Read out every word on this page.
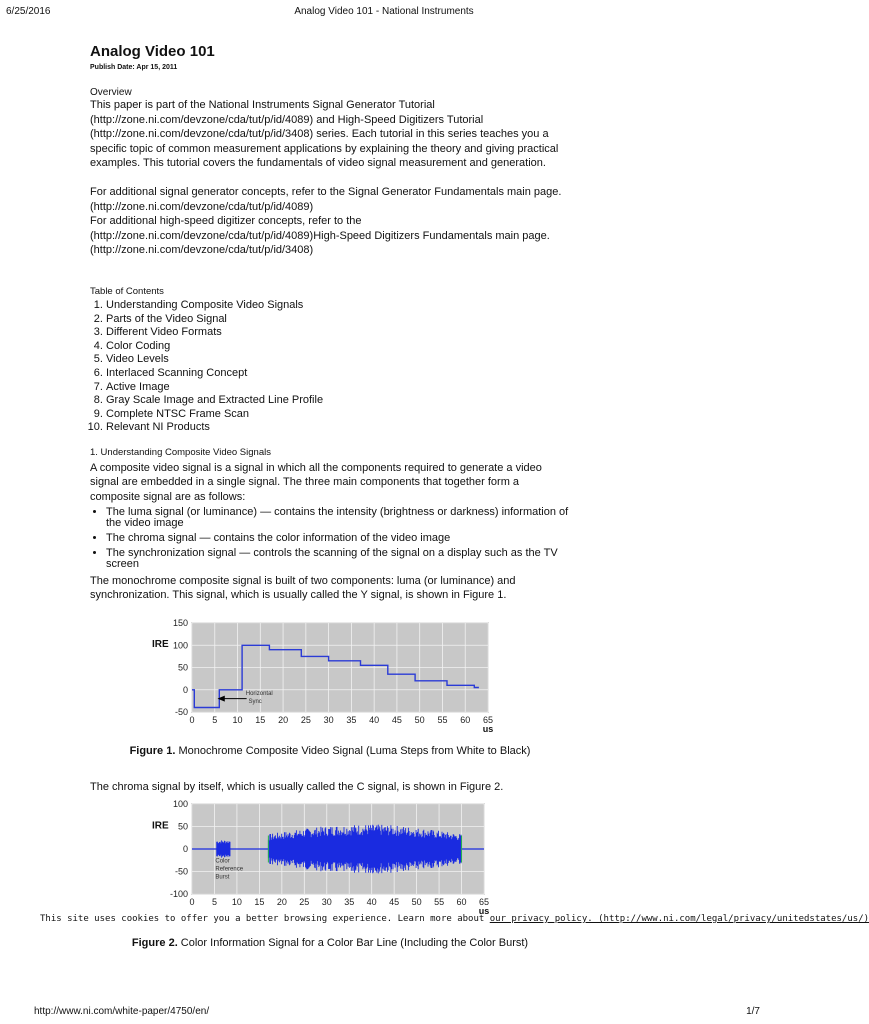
6/25/2016	Analog Video 101 - National Instruments
Analog Video 101
Publish Date: Apr 15, 2011
Overview

This paper is part of the National Instruments Signal Generator Tutorial (http://zone.ni.com/devzone/cda/tut/p/id/4089) and High-Speed Digitizers Tutorial (http://zone.ni.com/devzone/cda/tut/p/id/3408) series. Each tutorial in this series teaches you a specific topic of common measurement applications by explaining the theory and giving practical examples. This tutorial covers the fundamentals of video signal measurement and generation.

For additional signal generator concepts, refer to the Signal Generator Fundamentals main page. (http://zone.ni.com/devzone/cda/tut/p/id/4089)

For additional high-speed digitizer concepts, refer to the (http://zone.ni.com/devzone/cda/tut/p/id/4089)High-Speed Digitizers Fundamentals main page. (http://zone.ni.com/devzone/cda/tut/p/id/3408)

Table of Contents
1. Understanding Composite Video Signals
2. Parts of the Video Signal
3. Different Video Formats
4. Color Coding
5. Video Levels
6. Interlaced Scanning Concept
7. Active Image
8. Gray Scale Image and Extracted Line Profile
9. Complete NTSC Frame Scan
10. Relevant NI Products
1. Understanding Composite Video Signals

A composite video signal is a signal in which all the components required to generate a video signal are embedded in a single signal. The three main components that together form a composite signal are as follows:

• The luma signal (or luminance) — contains the intensity (brightness or darkness) information of the video image
• The chroma signal — contains the color information of the video image
• The synchronization signal — controls the scanning of the signal on a display such as the TV screen

The monochrome composite signal is built of two components: luma (or luminance) and synchronization. This signal, which is usually called the Y signal, is shown in Figure 1.

0 5 10 15 20 25 30 35 40 45 50 55 60 65
150
100
50
0
-50
IRE
us
Horizontal Sync
Figure 1. Monochrome Composite Video Signal (Luma Steps from White to Black)

The chroma signal by itself, which is usually called the C signal, is shown in Figure 2.

0 5 10 15 20 25 30 35 40 45 50 55 60 65
100
50
0
-50
-100
IRE
us
Color Reference Burst
This site uses cookies to offer you a better browsing experience. Learn more about our privacy policy. (http://www.ni.com/legal/privacy/unitedstates/us/)
Figure 2. Color Information Signal for a Color Bar Line (Including the Color Burst)
http://www.ni.com/white-paper/4750/en/	1/7
